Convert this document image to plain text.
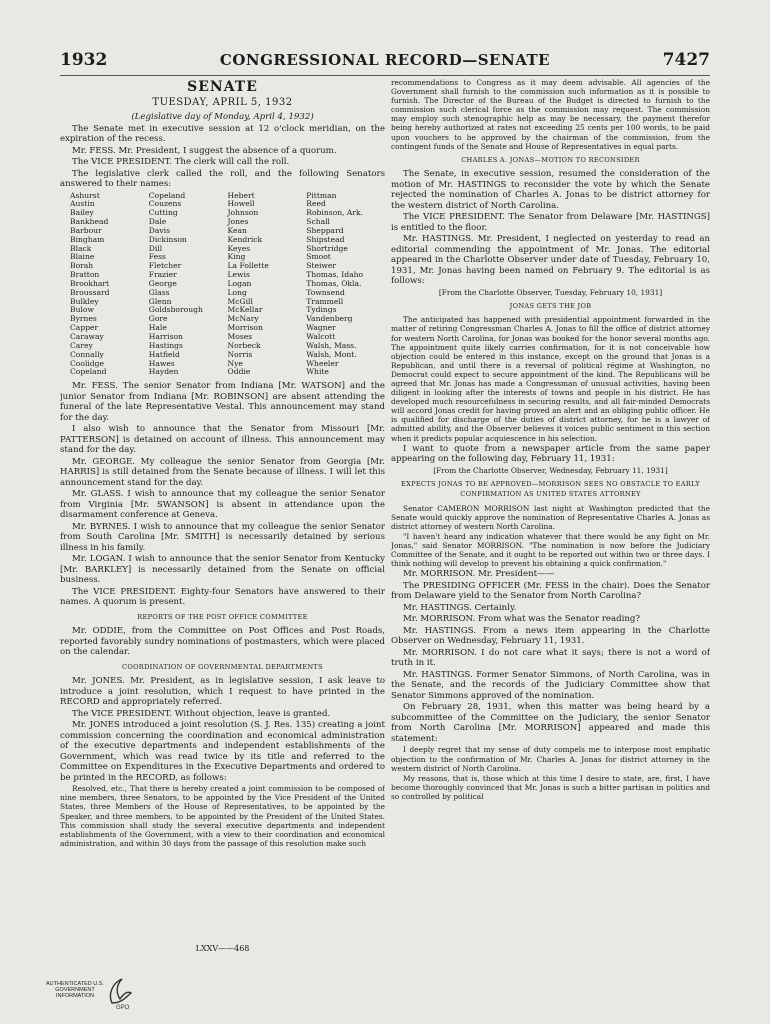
1932	CONGRESSIONAL RECORD—SENATE	7427
SENATE
TUESDAY, APRIL 5, 1932

(Legislative day of Monday, April 4, 1932)

The Senate met in executive session at 12 o'clock meridian, on the expiration of the recess.

Mr. FESS. Mr. President, I suggest the absence of a quorum.

The VICE PRESIDENT. The clerk will call the roll.

The legislative clerk called the roll, and the following Senators answered to their names:

Ashurst	Copeland	Hebert	Pittman
Austin	Couzens	Howell	Reed
Bailey	Cutting	Johnson	Robinson, Ark.
Bankhead	Dale	Jones	Schall
Barbour	Davis	Kean	Sheppard
Bingham	Dickinson	Kendrick	Shipstead
Black	Dill	Keyes	Shortridge
Blaine	Fess	King	Smoot
Borah	Fletcher	La Follette	Steiwer
Bratton	Frazier	Lewis	Thomas, Idaho
Brookhart	George	Logan	Thomas, Okla.
Broussard	Glass	Long	Townsend
Bulkley	Glenn	McGill	Trammell
Bulow	Goldsborough	McKellar	Tydings
Byrnes	Gore	McNary	Vandenberg
Capper	Hale	Morrison	Wagner
Caraway	Harrison	Moses	Walcott
Carey	Hastings	Norbeck	Walsh, Mass.
Connally	Hatfield	Norris	Walsh, Mont.
Coolidge	Hawes	Nye	Wheeler
Copeland	Hayden	Oddie	White

Mr. FESS. The senior Senator from Indiana [Mr. WATSON] and the junior Senator from Indiana [Mr. ROBINSON] are absent attending the funeral of the late Representative Vestal. This announcement may stand for the day.

I also wish to announce that the Senator from Missouri [Mr. PATTERSON] is detained on account of illness. This announcement may stand for the day.

Mr. GEORGE. My colleague the senior Senator from Georgia [Mr. HARRIS] is still detained from the Senate because of illness. I will let this announcement stand for the day.

Mr. GLASS. I wish to announce that my colleague the senior Senator from Virginia [Mr. SWANSON] is absent in attendance upon the disarmament conference at Geneva.

Mr. BYRNES. I wish to announce that my colleague the senior Senator from South Carolina [Mr. SMITH] is necessarily detained by serious illness in his family.

Mr. LOGAN. I wish to announce that the senior Senator from Kentucky [Mr. BARKLEY] is necessarily detained from the Senate on official business.

The VICE PRESIDENT. Eighty-four Senators have answered to their names. A quorum is present.

REPORTS OF THE POST OFFICE COMMITTEE

Mr. ODDIE, from the Committee on Post Offices and Post Roads, reported favorably sundry nominations of postmasters, which were placed on the calendar.

COORDINATION OF GOVERNMENTAL DEPARTMENTS

Mr. JONES. Mr. President, as in legislative session, I ask leave to introduce a joint resolution, which I request to have printed in the RECORD and appropriately referred.

The VICE PRESIDENT. Without objection, leave is granted.

Mr. JONES introduced a joint resolution (S. J. Res. 135) creating a joint commission concerning the coordination and economical administration of the executive departments and independent establishments of the Government, which was read twice by its title and referred to the Committee on Expenditures in the Executive Departments and ordered to be printed in the RECORD, as follows:

Resolved, etc., That there is hereby created a joint commission to be composed of nine members, three Senators, to be appointed by the Vice President of the United States, three Members of the House of Representatives, to be appointed by the Speaker, and three members, to be appointed by the President of the United States. This commission shall study the several executive departments and independent establishments of the Government, with a view to their coordination and economical administration, and within 30 days from the passage of this resolution make such

LXXV——468

recommendations to Congress as it may deem advisable. All agencies of the Government shall furnish to the commission such information as it is possible to furnish. The Director of the Bureau of the Budget is directed to furnish to the commission such clerical force as the commission may request. The commission may employ such stenographic help as may be necessary, the payment therefor being hereby authorized at rates not exceeding 25 cents per 100 words, to be paid upon vouchers to be approved by the chairman of the commission, from the contingent funds of the Senate and House of Representatives in equal parts.

CHARLES A. JONAS—MOTION TO RECONSIDER

The Senate, in executive session, resumed the consideration of the motion of Mr. HASTINGS to reconsider the vote by which the Senate rejected the nomination of Charles A. Jonas to be district attorney for the western district of North Carolina.

The VICE PRESIDENT. The Senator from Delaware [Mr. HASTINGS] is entitled to the floor.

Mr. HASTINGS. Mr. President, I neglected on yesterday to read an editorial commending the appointment of Mr. Jonas. The editorial appeared in the Charlotte Observer under date of Tuesday, February 10, 1931, Mr. Jonas having been named on February 9. The editorial is as follows:

[From the Charlotte Observer, Tuesday, February 10, 1931]

JONAS GETS THE JOB

The anticipated has happened with presidential appointment forwarded in the matter of retiring Congressman Charles A. Jonas to fill the office of district attorney for western North Carolina, for Jonas was booked for the honor several months ago. The appointment quite likely carries confirmation, for it is not conceivable how objection could be entered in this instance, except on the ground that Jonas is a Republican, and until there is a reversal of political régime at Washington, no Democrat could expect to secure appointment of the kind. The Republicans will be agreed that Mr. Jonas has made a Congressman of unusual activities, having been diligent in looking after the interests of towns and people in his district. He has developed much resourcefulness in securing results, and all fair-minded Democrats will accord Jonas credit for having proved an alert and an obliging public officer. He is qualified for discharge of the duties of district attorney, for he is a lawyer of admitted ability, and the Observer believes it voices public sentiment in this section when it predicts popular acquiescence in his selection.

I want to quote from a newspaper article from the same paper appearing on the following day, February 11, 1931:

[From the Charlotte Observer, Wednesday, February 11, 1931]

EXPECTS JONAS TO BE APPROVED—MORRISON SEES NO OBSTACLE TO EARLY CONFIRMATION AS UNITED STATES ATTORNEY

Senator CAMERON MORRISON last night at Washington predicted that the Senate would quickly approve the nomination of Representative Charles A. Jonas as district attorney of western North Carolina.

"I haven't heard any indication whatever that there would be any fight on Mr. Jonas," said Senator MORRISON. "The nomination is now before the Judiciary Committee of the Senate, and it ought to be reported out within two or three days. I think nothing will develop to prevent his obtaining a quick confirmation."

Mr. MORRISON. Mr. President——

The PRESIDING OFFICER (Mr. FESS in the chair). Does the Senator from Delaware yield to the Senator from North Carolina?

Mr. HASTINGS. Certainly.

Mr. MORRISON. From what was the Senator reading?

Mr. HASTINGS. From a news item appearing in the Charlotte Observer on Wednesday, February 11, 1931.

Mr. MORRISON. I do not care what it says; there is not a word of truth in it.

Mr. HASTINGS. Former Senator Simmons, of North Carolina, was in the Senate, and the records of the Judiciary Committee show that Senator Simmons approved of the nomination.

On February 28, 1931, when this matter was being heard by a subcommittee of the Committee on the Judiciary, the senior Senator from North Carolina [Mr. MORRISON] appeared and made this statement:

I deeply regret that my sense of duty compels me to interpose most emphatic objection to the confirmation of Mr. Charles A. Jonas for district attorney in the western district of North Carolina.

My reasons, that is, those which at this time I desire to state, are, first, I have become thoroughly convinced that Mr. Jonas is such a bitter partisan in politics and so controlled by political

AUTHENTICATED U.S. GOVERNMENT INFORMATION
GPO
